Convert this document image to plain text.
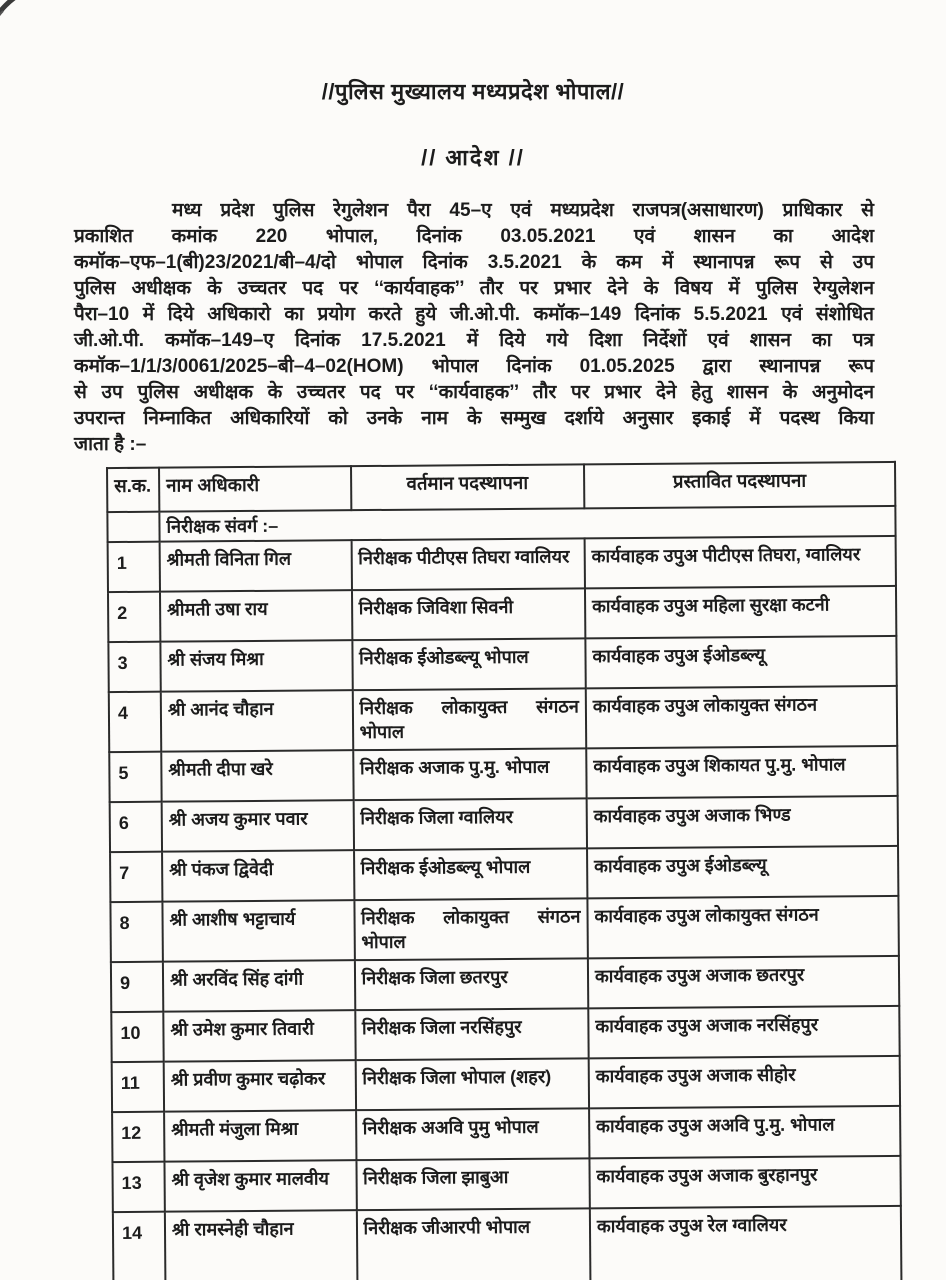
//पुलिस मुख्यालय मध्यप्रदेश भोपाल//
// आदेश //
मध्य प्रदेश पुलिस रेगुलेशन पैरा 45–ए एवं मध्यप्रदेश राजपत्र(असाधारण) प्राधिकार से
प्रकाशित कमांक 220 भोपाल, दिनांक 03.05.2021 एवं शासन का आदेश
कमॉक–एफ–1(बी)23/2021/बी–4/दो भोपाल दिनांक 3.5.2021 के कम में स्थानापन्न रूप से उप
पुलिस अधीक्षक के उच्चतर पद पर ‘‘कार्यवाहक’’ तौर पर प्रभार देने के विषय में पुलिस रेग्युलेशन
पैरा–10 में दिये अधिकारो का प्रयोग करते हुये जी.ओ.पी. कमॉक–149 दिनांक 5.5.2021 एवं संशोधित
जी.ओ.पी. कमॉक–149–ए दिनांक 17.5.2021 में दिये गये दिशा निर्देशों एवं शासन का पत्र
कमॉक–1/1/3/0061/2025–बी–4–02(HOM) भोपाल दिनांक 01.05.2025 द्वारा स्थानापन्न रूप
से उप पुलिस अधीक्षक के उच्चतर पद पर ‘‘कार्यवाहक’’ तौर पर प्रभार देने हेतु शासन के अनुमोदन
उपरान्त निम्नाकित अधिकारियों को उनके नाम के सम्मुख दर्शाये अनुसार इकाई में पदस्थ किया
जाता है :–
स.क.	नाम अधिकारी	वर्तमान पदस्थापना	प्रस्तावित पदस्थापना
	निरीक्षक संवर्ग :–		
1	श्रीमती विनिता गिल	निरीक्षक पीटीएस तिघरा ग्वालियर	कार्यवाहक उपुअ पीटीएस तिघरा, ग्वालियर
2	श्रीमती उषा राय	निरीक्षक जिविशा सिवनी	कार्यवाहक उपुअ महिला सुरक्षा कटनी
3	श्री संजय मिश्रा	निरीक्षक ईओडब्ल्यू भोपाल	कार्यवाहक उपुअ ईओडब्ल्यू
4	श्री आनंद चौहान	निरीक्षक लोकायुक्त संगठन भोपाल	कार्यवाहक उपुअ लोकायुक्त संगठन
5	श्रीमती दीपा खरे	निरीक्षक अजाक पु.मु. भोपाल	कार्यवाहक उपुअ शिकायत पु.मु. भोपाल
6	श्री अजय कुमार पवार	निरीक्षक जिला ग्वालियर	कार्यवाहक उपुअ अजाक भिण्ड
7	श्री पंकज द्विवेदी	निरीक्षक ईओडब्ल्यू भोपाल	कार्यवाहक उपुअ ईओडब्ल्यू
8	श्री आशीष भट्टाचार्य	निरीक्षक लोकायुक्त संगठन भोपाल	कार्यवाहक उपुअ लोकायुक्त संगठन
9	श्री अरविंद सिंह दांगी	निरीक्षक जिला छतरपुर	कार्यवाहक उपुअ अजाक छतरपुर
10	श्री उमेश कुमार तिवारी	निरीक्षक जिला नरसिंहपुर	कार्यवाहक उपुअ अजाक नरसिंहपुर
11	श्री प्रवीण कुमार चढ़ोकर	निरीक्षक जिला भोपाल (शहर)	कार्यवाहक उपुअ अजाक सीहोर
12	श्रीमती मंजुला मिश्रा	निरीक्षक अअवि पुमु भोपाल	कार्यवाहक उपुअ अअवि पु.मु. भोपाल
13	श्री वृजेश कुमार मालवीय	निरीक्षक जिला झाबुआ	कार्यवाहक उपुअ अजाक बुरहानपुर
14	श्री रामस्नेही चौहान	निरीक्षक जीआरपी भोपाल	कार्यवाहक उपुअ रेल ग्वालियर
